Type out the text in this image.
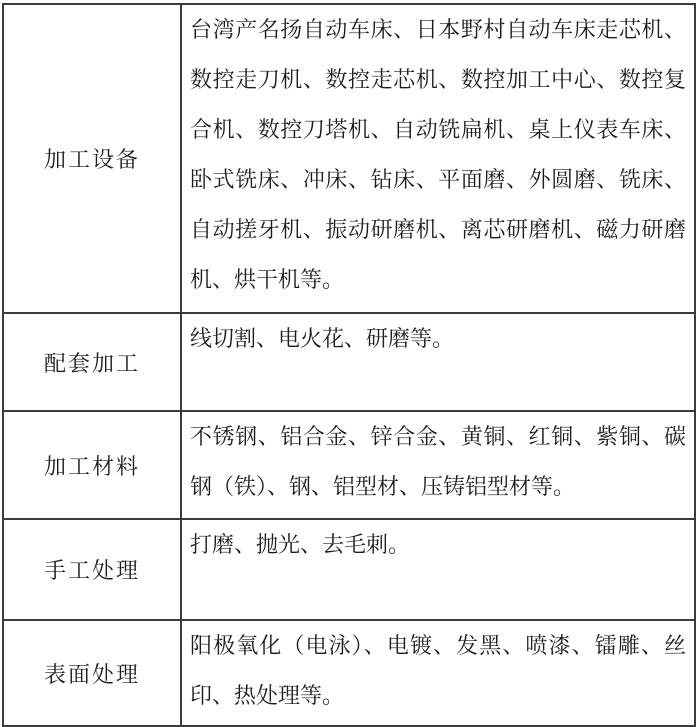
加工设备	台湾产名扬自动车床、日本野村自动车床走芯机、数控走刀机、数控走芯机、数控加工中心、数控复合机、数控刀塔机、自动铣扁机、桌上仪表车床、卧式铣床、冲床、钻床、平面磨、外圆磨、铣床、自动搓牙机、振动研磨机、离芯研磨机、磁力研磨机、烘干机等。
配套加工	线切割、电火花、研磨等。
加工材料	不锈钢、铝合金、锌合金、黄铜、红铜、紫铜、碳钢（铁）、钢、铝型材、压铸铝型材等。
手工处理	打磨、抛光、去毛刺。
表面处理	阳极氧化（电泳）、电镀、发黑、喷漆、镭雕、丝印、热处理等。
